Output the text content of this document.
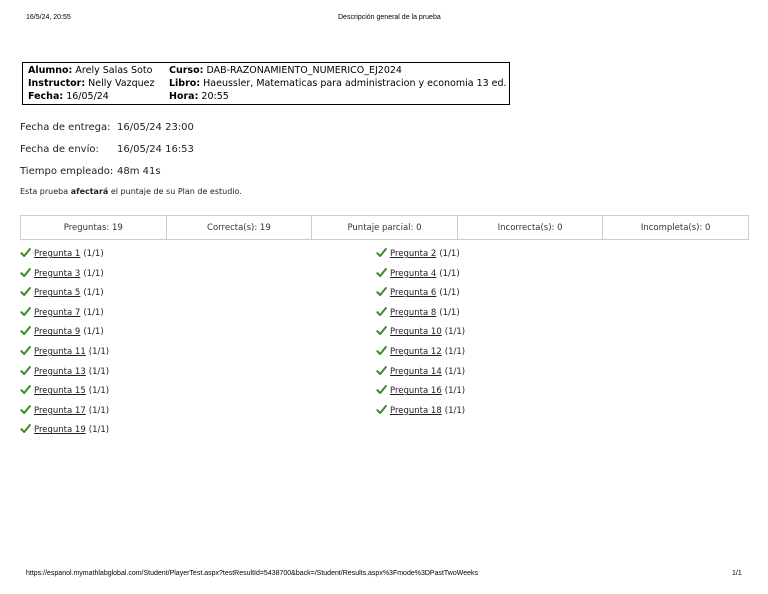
16/5/24, 20:55	Descripción general de la prueba
Alumno: Arely Salas Soto	Curso: DAB-RAZONAMIENTO_NUMERICO_EJ2024
Instructor: Nelly Vazquez	Libro: Haeussler, Matematicas para administracion y economia 13 ed.
Fecha: 16/05/24	Hora: 20:55
Fecha de entrega: 16/05/24 23:00
Fecha de envío: 16/05/24 16:53
Tiempo empleado: 48m 41s
Esta prueba afectará el puntaje de su Plan de estudio.
Preguntas: 19	Correcta(s): 19	Puntaje parcial: 0	Incorrecta(s): 0	Incompleta(s): 0
Pregunta 1 (1/1)	Pregunta 2 (1/1)
Pregunta 3 (1/1)	Pregunta 4 (1/1)
Pregunta 5 (1/1)	Pregunta 6 (1/1)
Pregunta 7 (1/1)	Pregunta 8 (1/1)
Pregunta 9 (1/1)	Pregunta 10 (1/1)
Pregunta 11 (1/1)	Pregunta 12 (1/1)
Pregunta 13 (1/1)	Pregunta 14 (1/1)
Pregunta 15 (1/1)	Pregunta 16 (1/1)
Pregunta 17 (1/1)	Pregunta 18 (1/1)
Pregunta 19 (1/1)
https://espanol.mymathlabglobal.com/Student/PlayerTest.aspx?testResultId=5438700&back=/Student/Results.aspx%3Fmode%3DPastTwoWeeks	1/1
